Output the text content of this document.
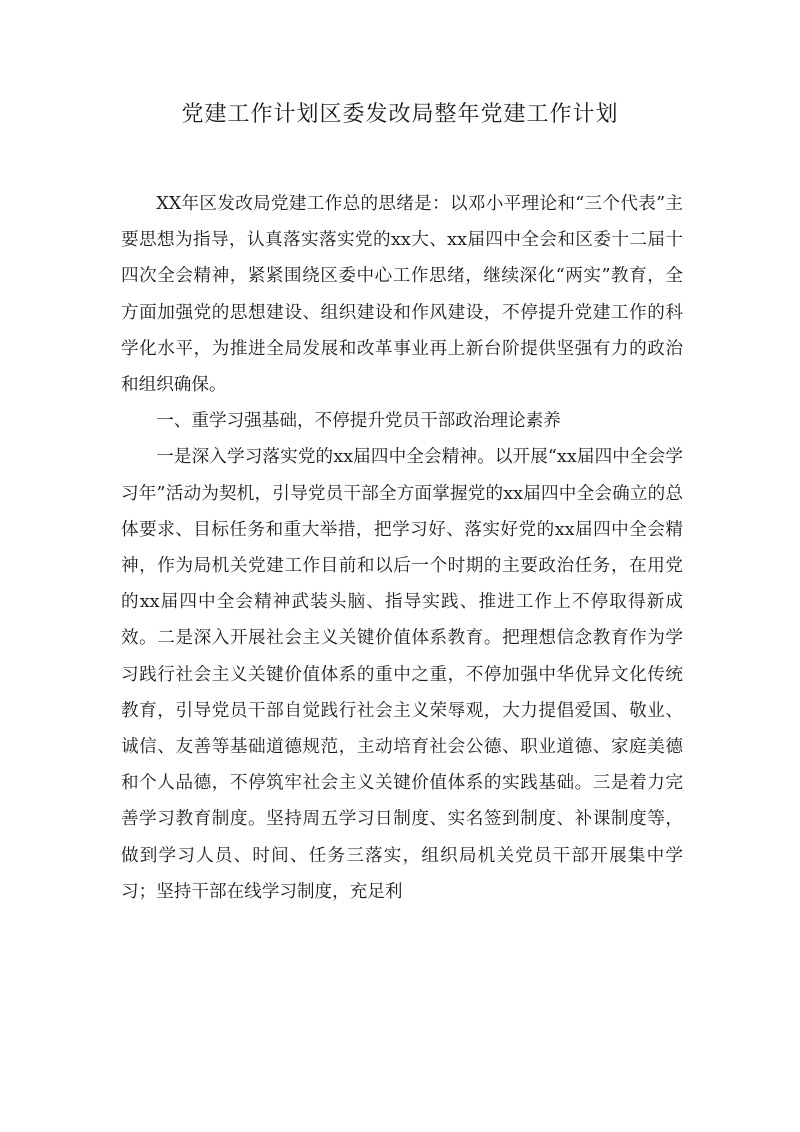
党建工作计划区委发改局整年党建工作计划

XX年区发改局党建工作总的思绪是：以邓小平理论和“三个代表”主要思想为指导，认真落实落实党的xx大、xx届四中全会和区委十二届十四次全会精神，紧紧围绕区委中心工作思绪，继续深化“两实”教育，全方面加强党的思想建设、组织建设和作风建设，不停提升党建工作的科学化水平，为推进全局发展和改革事业再上新台阶提供坚强有力的政治和组织确保。

一、重学习强基础，不停提升党员干部政治理论素养

一是深入学习落实党的xx届四中全会精神。以开展“xx届四中全会学习年”活动为契机，引导党员干部全方面掌握党的xx届四中全会确立的总体要求、目标任务和重大举措，把学习好、落实好党的xx届四中全会精神，作为局机关党建工作目前和以后一个时期的主要政治任务，在用党的xx届四中全会精神武装头脑、指导实践、推进工作上不停取得新成效。二是深入开展社会主义关键价值体系教育。把理想信念教育作为学习践行社会主义关键价值体系的重中之重，不停加强中华优异文化传统教育，引导党员干部自觉践行社会主义荣辱观，大力提倡爱国、敬业、诚信、友善等基础道德规范，主动培育社会公德、职业道德、家庭美德和个人品德，不停筑牢社会主义关键价值体系的实践基础。三是着力完善学习教育制度。坚持周五学习日制度、实名签到制度、补课制度等，做到学习人员、时间、任务三落实，组织局机关党员干部开展集中学习；坚持干部在线学习制度，充足利
